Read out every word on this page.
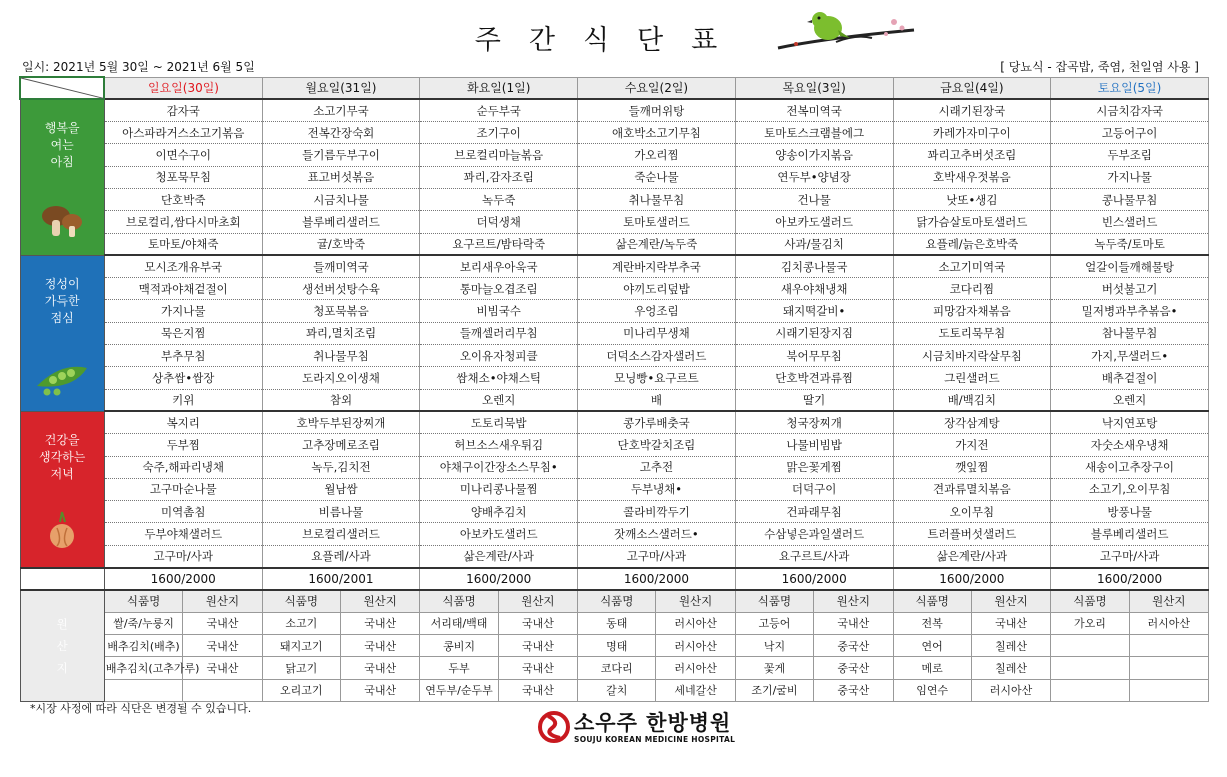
주간식단표
일시: 2021년 5월 30일 ~ 2021년 6월 5일	[ 당뇨식 - 잡곡밥, 죽염, 천일염 사용 ]
	일요일(30일)		월요일(31일)		화요일(1일)		수요일(2일)		목요일(3일)		금요일(4일)		토요일(5일)	

행복을
여는
아침	감자국		소고기무국		순두부국		들깨머위탕		전복미역국		시래기된장국		시금치감자국	
	아스파라거스소고기볶음		전복간장숙회		조기구이		애호박소고기무침		토마토스크램블에그		카레가자미구이		고등어구이	
	이면수구이		들기름두부구이		브로컬리마늘볶음		가오리찜		양송이가지볶음		꽈리고추버섯조림		두부조림	
	청포묵무침		표고버섯볶음		꽈리,감자조림		죽순나물		연두부•양념장		호박새우젓볶음		가지나물	
	단호박죽		시금치나물		녹두죽		취나물무침		건나물		낫또•생김		콩나물무침	
	브로컬리,쌈다시마초회		블루베리샐러드		더덕생채		토마토샐러드		아보카도샐러드		닭가슴살토마토샐러드		빈스샐러드	
	토마토/야채죽		귤/호박죽		요구르트/밤타락죽		삶은계란/녹두죽		사과/물김치		요플레/늙은호박죽		녹두죽/토마토	

정성이
가득한
점심	모시조개유부국		들깨미역국		보리새우아욱국		계란바지락부추국		김치콩나물국		소고기미역국		얼갈이들깨해물탕	
	맥적과야채겉절이		생선버섯탕수육		통마늘오겹조림		야끼도리덮밥		새우야채냉채		코다리찜		버섯불고기	
	가지나물		청포묵볶음		비빔국수		우엉조림		돼지떡갈비•		피망감자채볶음		밀저병과부추볶음•	
	묵은지찜		꽈리,멸치조림		들깨셀러리무침		미나리무생채		시래기된장지짐		도토리묵무침		참나물무침	
	부추무침		취나물무침		오이유자청피클		더덕소스감자샐러드		북어무무침		시금치바지락살무침		가지,무샐러드•	
	상추쌈•쌈장		도라지오이생채		쌈채소•야채스틱		모닝빵•요구르트		단호박견과류찜		그린샐러드		배추겉절이	
	키위		참외		오렌지		배		딸기		배/백김치		오렌지	

건강을
생각하는
저녁	복지리		호박두부된장찌개		도토리묵밥		콩가루배춧국		청국장찌개		장각삼계탕		낙지연포탕	
	두부찜		고추장메로조림		허브소스새우튀김		단호박갈치조림		나물비빔밥		가지전		자숫소새우냉채	
	숙주,해파리냉채		녹두,김치전		야채구이간장소스무침•		고추전		맑은꽃게찜		깻잎찜		새송이고추장구이	
	고구마순나물		월남쌈		미나리콩나물찜		두부냉채•		더덕구이		견과류멸치볶음		소고기,오이무침	
	미역촘침		비름나물		양배추김치		콜라비깍두기		건파래무침		오이무침		방풍나물	
	두부야채샐러드		브로컬리샐러드		아보카도샐러드		잣깨소스샐러드•		수삼넣은과일샐러드		트러플버섯샐러드		블루베리샐러드	
	고구마/사과		요플레/사과		삶은계란/사과		고구마/사과		요구르트/사과		삶은계란/사과		고구마/사과	
Kcal	1600/2000		1600/2001		1600/2000		1600/2000		1600/2000		1600/2000		1600/2000	

원
산
지	식품명	원산지	식품명	원산지	식품명	원산지	식품명	원산지	식품명	원산지	식품명	원산지	식품명	원산지
	쌀/죽/누룽지	국내산	소고기	국내산	서리태/백태	국내산	동태	러시아산	고등어	국내산	전복	국내산	가오리	러시아산
	배추김치(배추)	국내산	돼지고기	국내산	콩비지	국내산	명태	러시아산	낙지	중국산	연어	칠레산		
	배추김치(고추가루)	국내산	닭고기	국내산	두부	국내산	코다리	러시아산	꽃게	중국산	메로	칠레산		
			오리고기	국내산	연두부/순두부	국내산	갈치	세네갈산	조기/굴비	중국산	임연수	러시아산		
*시장 사정에 따라 식단은 변경될 수 있습니다.
소우주 한방병원
SOUJU KOREAN MEDICINE HOSPITAL
